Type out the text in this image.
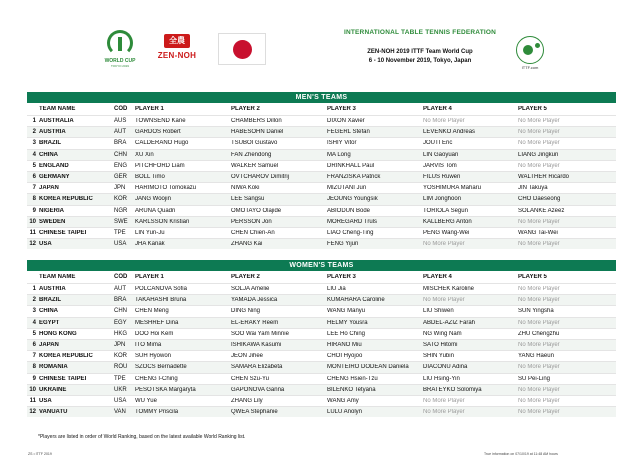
WORLD CUP
TOKYO 2019
全農
ZEN-NOH
INTERNATIONAL TABLE TENNIS FEDERATION
ZEN-NOH 2019 ITTF Team World Cup
6 - 10 November 2019, Tokyo, Japan
ITTF.com
MEN'S TEAMS
TEAM NAME	COD	PLAYER 1	PLAYER 2	PLAYER 3	PLAYER 4	PLAYER 5
1 AUSTRALIA	AUS	TOWNSEND Kane	CHAMBERS Dillon	DIXON Xavier	No More Player	No More Player
2 AUSTRIA	AUT	GARDOS Robert	HABESOHN Daniel	FEGERL Stefan	LEVENKO Andreas	No More Player
3 BRAZIL	BRA	CALDERANO Hugo	TSUBOI Gustavo	ISHIY Vitor	JOUTI Eric	No More Player
4 CHINA	CHN	XU Xin	FAN Zhendong	MA Long	LIN Gaoyuan	LIANG Jingkun
5 ENGLAND	ENG	PITCHFORD Liam	WALKER Samuel	DRINKHALL Paul	JARVIS Tom	No More Player
6 GERMANY	GER	BOLL Timo	OVTCHAROV Dimitrij	FRANZISKA Patrick	FILUS Ruwen	WALTHER Ricardo
7 JAPAN	JPN	HARIMOTO Tomokazu	NIWA Koki	MIZUTANI Jun	YOSHIMURA Maharu	JIN Takuya
8 KOREA REPUBLIC	KOR	JANG Woojin	LEE Sangsu	JEOUNG Youngsik	LIM Jonghoon	CHO Daeseong
9 NIGERIA	NGR	ARUNA Quadri	OMOTAYO Olajide	ABIODUN Bode	TORIOLA Segun	SOLANKE Azeez
10 SWEDEN	SWE	KARLSSON Kristian	PERSSON Jon	MOREGARD Truls	KALLBERG Anton	No More Player
11 CHINESE TAIPEI	TPE	LIN Yun-Ju	CHEN Chien-An	LIAO Cheng-Ting	PENG Wang-Wei	WANG Tai-Wei
12 USA	USA	JHA Kanak	ZHANG Kai	FENG Yijun	No More Player	No More Player
WOMEN'S TEAMS
TEAM NAME	COD	PLAYER 1	PLAYER 2	PLAYER 3	PLAYER 4	PLAYER 5
1 AUSTRIA	AUT	POLCANOVA Sofia	SOLJA Amelie	LIU Jia	MISCHEK Karoline	No More Player
2 BRAZIL	BRA	TAKAHASHI Bruna	YAMADA Jessica	KUMAHARA Caroline	No More Player	No More Player
3 CHINA	CHN	CHEN Meng	DING Ning	WANG Manyu	LIU Shiwen	SUN Yingsha
4 EGYPT	EGY	MESHREF Dina	EL-ERAKY Reem	HELMY Yousra	ABDEL-AZIZ Farah	No More Player
5 HONG KONG	HKG	DOO Hoi Kem	SOO Wai Yam Minnie	LEE Ho Ching	NG Wing Nam	ZHU Chengzhu
6 JAPAN	JPN	ITO Mima	ISHIKAWA Kasumi	HIRANO Miu	SATO Hitomi	No More Player
7 KOREA REPUBLIC	KOR	SUH Hyowon	JEON Jihee	CHOI Hyojoo	SHIN Yubin	YANG Haeun
8 ROMANIA	ROU	SZOCS Bernadette	SAMARA Elizabeta	MONTEIRO DODEAN Daniela	DIACONU Adina	No More Player
9 CHINESE TAIPEI	TPE	CHENG I-Ching	CHEN Szu-Yu	CHENG Hsien-Tzu	LIU Hsing-Yin	SU Pei-Ling
10 UKRAINE	UKR	PESOTSKA Margaryta	GAPONOVA Ganna	BILENKO Tetyana	BRATEYKO Solomiya	No More Player
11 USA	USA	WU Yue	ZHANG Lily	WANG Amy	No More Player	No More Player
12 VANUATU	VAN	TOMMY Priscila	QWEA Stephanie	LULU Anolyn	No More Player	No More Player
*Players are listed in order of World Ranking, based on the latest available World Ranking list.
ZS • ITTF 2019	True information on 07/10/19 at 11:48 AM hours
